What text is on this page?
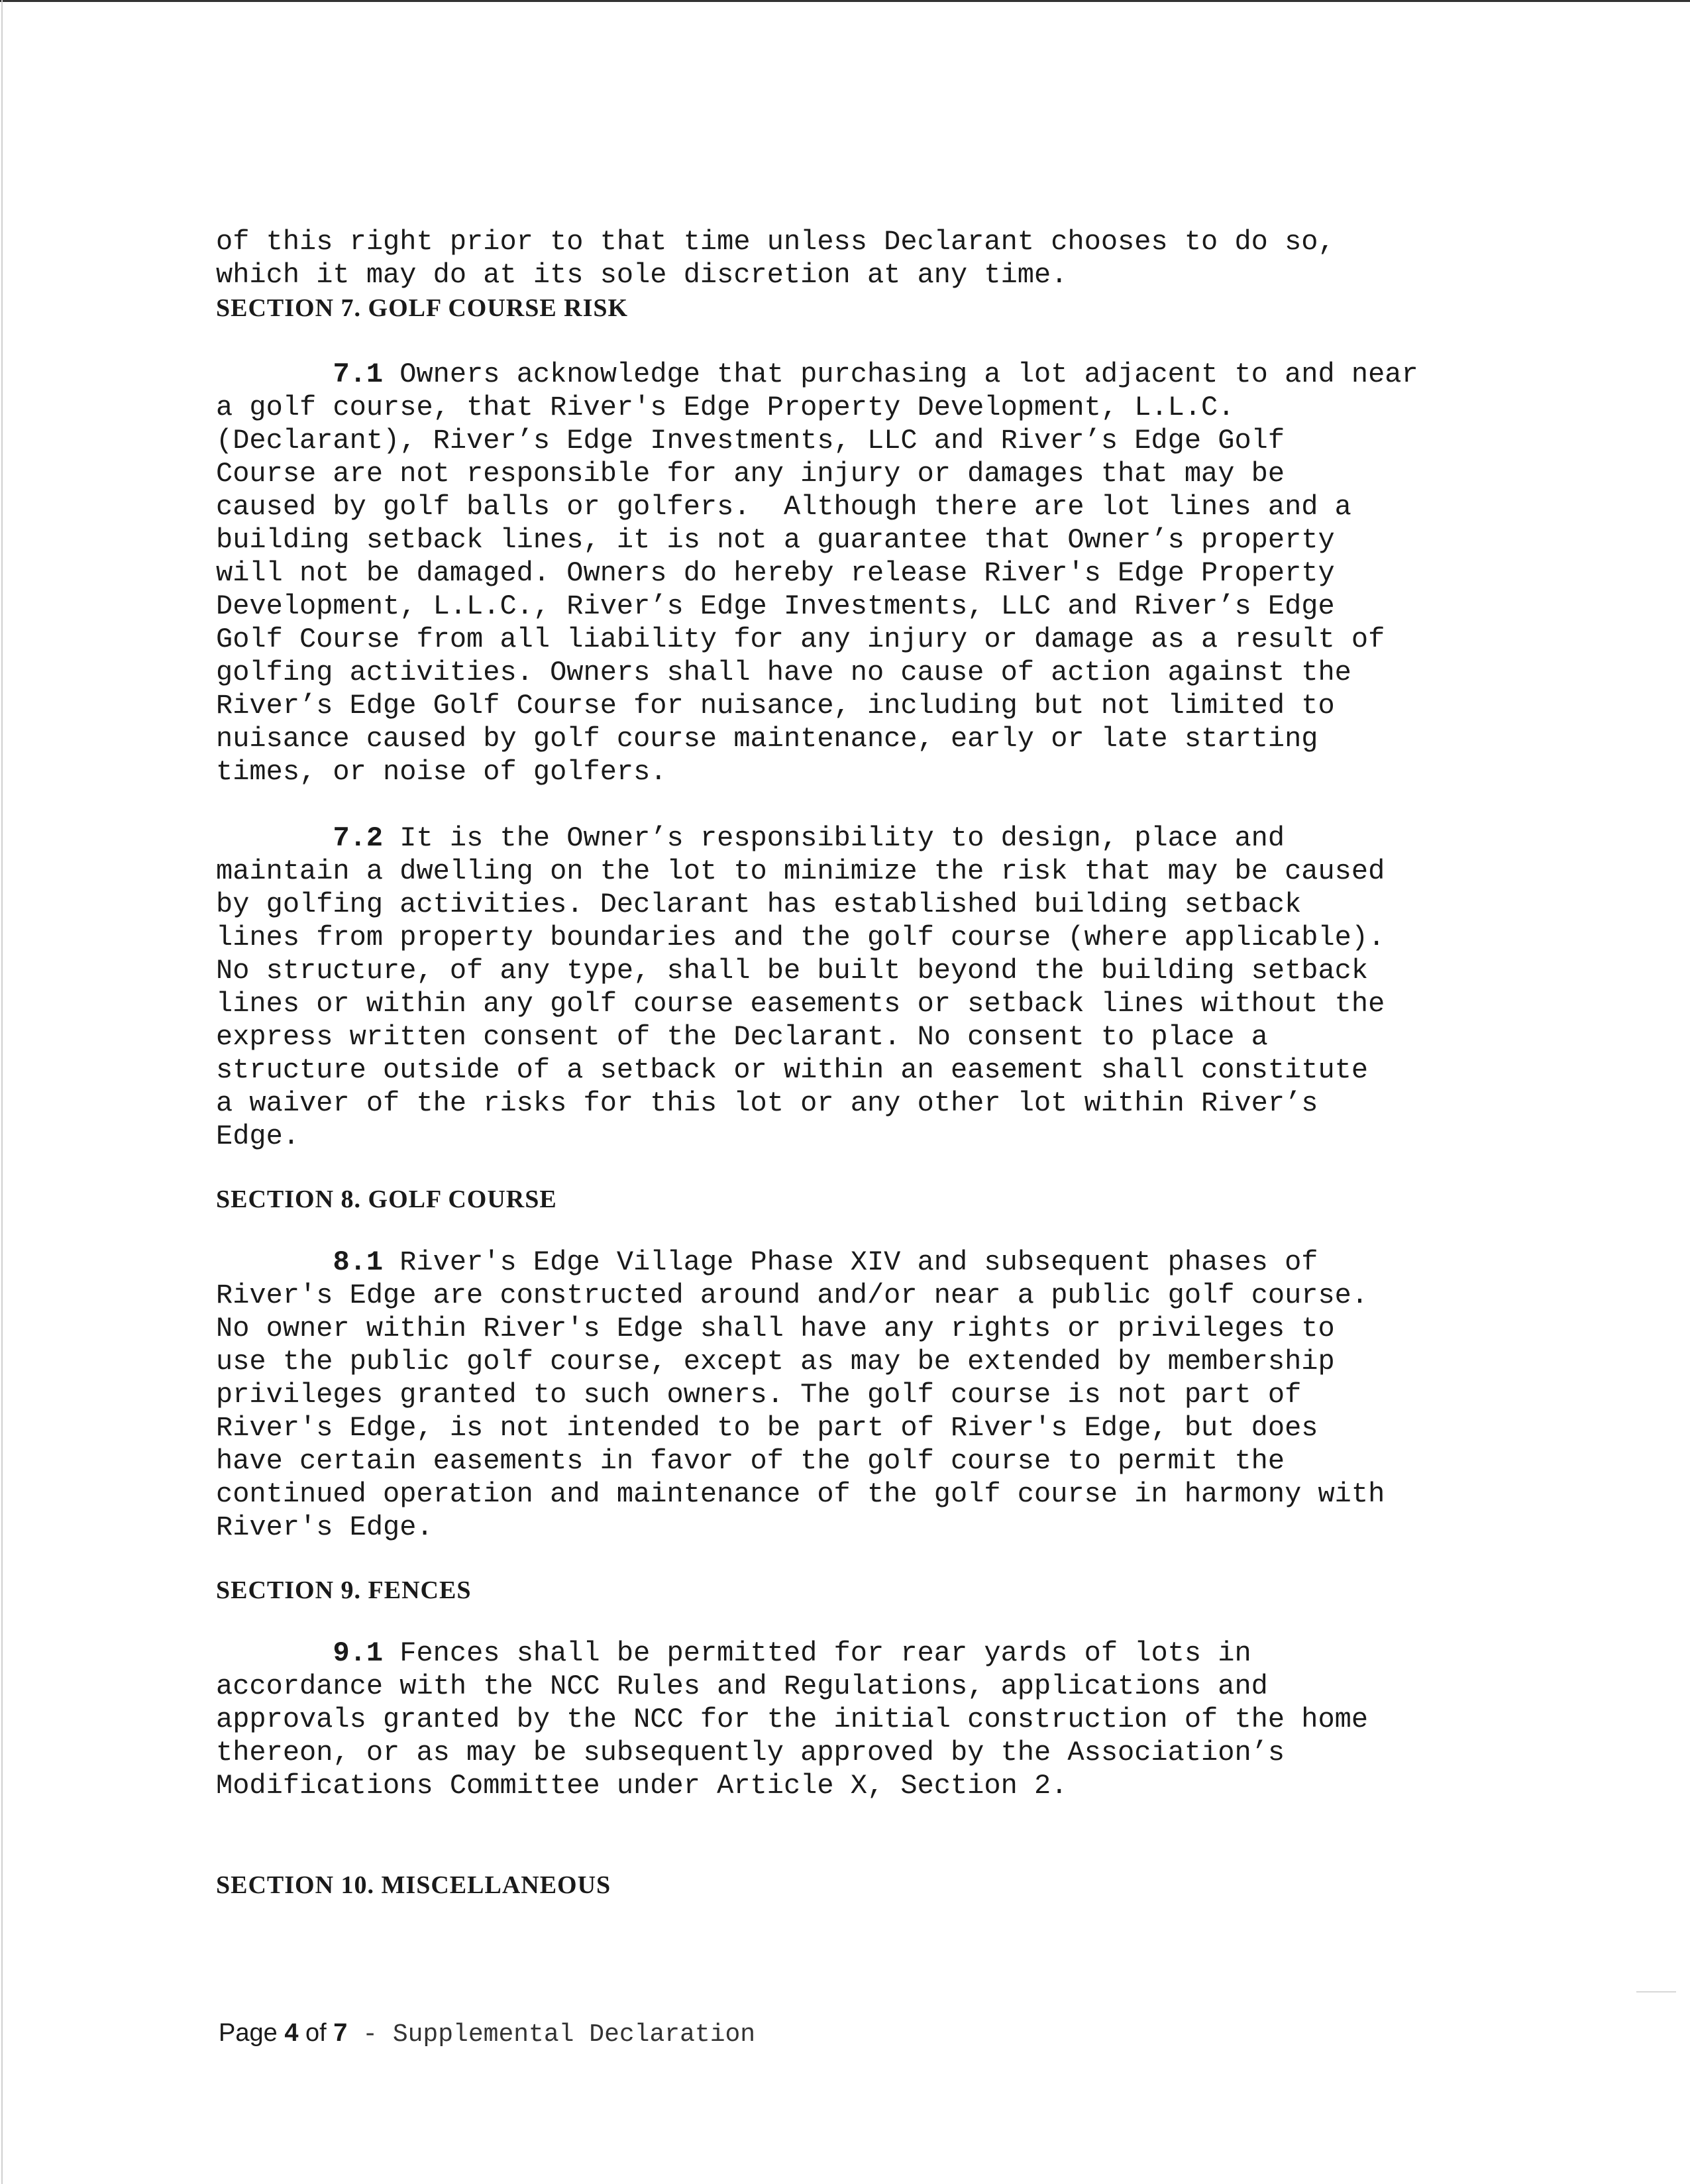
of this right prior to that time unless Declarant chooses to do so,
which it may do at its sole discretion at any time.

SECTION 7. GOLF COURSE RISK

7.1 Owners acknowledge that purchasing a lot adjacent to and near
a golf course, that River's Edge Property Development, L.L.C.
(Declarant), River’s Edge Investments, LLC and River’s Edge Golf
Course are not responsible for any injury or damages that may be
caused by golf balls or golfers.  Although there are lot lines and a
building setback lines, it is not a guarantee that Owner’s property
will not be damaged. Owners do hereby release River's Edge Property
Development, L.L.C., River’s Edge Investments, LLC and River’s Edge
Golf Course from all liability for any injury or damage as a result of
golfing activities. Owners shall have no cause of action against the
River’s Edge Golf Course for nuisance, including but not limited to
nuisance caused by golf course maintenance, early or late starting
times, or noise of golfers.

7.2 It is the Owner’s responsibility to design, place and
maintain a dwelling on the lot to minimize the risk that may be caused
by golfing activities. Declarant has established building setback
lines from property boundaries and the golf course (where applicable).
No structure, of any type, shall be built beyond the building setback
lines or within any golf course easements or setback lines without the
express written consent of the Declarant. No consent to place a
structure outside of a setback or within an easement shall constitute
a waiver of the risks for this lot or any other lot within River’s
Edge.

SECTION 8. GOLF COURSE

8.1 River's Edge Village Phase XIV and subsequent phases of
River's Edge are constructed around and/or near a public golf course.
No owner within River's Edge shall have any rights or privileges to
use the public golf course, except as may be extended by membership
privileges granted to such owners. The golf course is not part of
River's Edge, is not intended to be part of River's Edge, but does
have certain easements in favor of the golf course to permit the
continued operation and maintenance of the golf course in harmony with
River's Edge.

SECTION 9. FENCES

9.1 Fences shall be permitted for rear yards of lots in
accordance with the NCC Rules and Regulations, applications and
approvals granted by the NCC for the initial construction of the home
thereon, or as may be subsequently approved by the Association’s
Modifications Committee under Article X, Section 2.

SECTION 10. MISCELLANEOUS
Page 4 of 7 - Supplemental Declaration
